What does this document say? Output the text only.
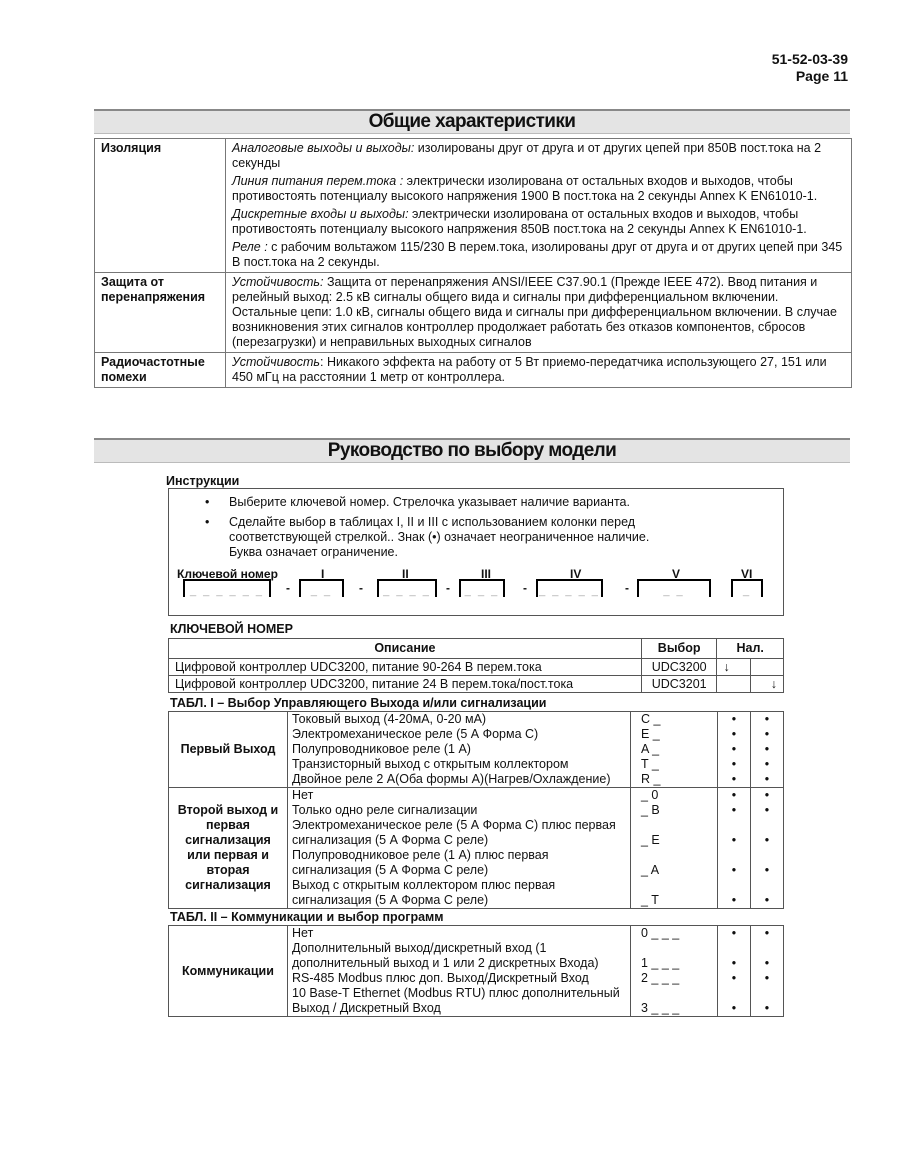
51-52-03-39
Page 11
Общие характеристики
Изоляция	Аналоговые выходы и выходы: изолированы друг от друга и от других цепей при 850В пост.тока на 2 секунды

Линия питания перем.тока : электрически изолирована от остальных входов и выходов, чтобы противостоять потенциалу высокого напряжения 1900 В пост.тока на 2 секунды Annex K EN61010-1.

Дискретные входы и выходы: электрически изолирована от остальных входов и выходов, чтобы противостоять потенциалу высокого напряжения 850В пост.тока на 2 секунды Annex K EN61010-1.

Реле : с рабочим вольтажом 115/230 В перем.тока, изолированы друг от друга и от других цепей при 345 В пост.тока на 2 секунды.

Защита от перенапряжения	Устойчивость: Защита от перенапряжения ANSI/IEEE C37.90.1 (Прежде IEEE 472). Ввод питания и релейный выход: 2.5 кВ сигналы общего вида и сигналы при дифференциальном включении. Остальные цепи: 1.0 кВ, сигналы общего вида и сигналы при дифференциальном включении. В случае возникновения этих сигналов контроллер продолжает работать без отказов компонентов, сбросов (перезагрузки) и неправильных выходных сигналов

Радиочастотные помехи	Устойчивость: Никакого эффекта на работу от 5 Вт приемо-передатчика использующего 27, 151 или 450 мГц на расстоянии 1 метр от контроллера.

Руководство по выбору модели
Инструкции
• Выберите ключевой номер. Стрелочка указывает наличие варианта.
• Сделайте выбор в таблицах I, II и III с использованием колонки перед соответствующей стрелкой.. Знак (•) означает неограниченное наличие. Буква означает ограничение.
Ключевой номер	I	II	III	IV	V	VI
_ _ _ _ _ _	-	_ _	-	_ _ _ _	-	_ _ _	- _ _ _ _ _ -	_ _	_
КЛЮЧЕВОЙ НОМЕР
Описание	Выбор	Нал.	
Цифровой контроллер UDC3200, питание 90-264 В перем.тока	UDC3200	↓	
Цифровой контроллер UDC3200, питание 24 В перем.тока/пост.тока	UDC3201		↓
ТАБЛ. I – Выбор Управляющего Выхода и/или сигнализации
Первый Выход	Токовый выход (4-20мА, 0-20 мА)	C _	•	•
	Электромеханическое реле (5 А Форма С)	E _	•	•
	Полупроводниковое реле (1 А)	A _	•	•
	Транзисторный выход с открытым коллектором	T _	•	•
	Двойное реле 2 А(Оба формы А)(Нагрев/Охлаждение)	R _	•	•
Второй выход и первая сигнализация или первая и вторая сигнализация	Нет	_ 0	•	•
	Только одно реле сигнализации	_ B	•	•
	Электромеханическое реле (5 А Форма С) плюс первая сигнализация (5 А Форма С реле)	_ E	•	•
	Полупроводниковое реле (1 А) плюс первая сигнализация (5 А Форма С реле)	_ A	•	•
	Выход с открытым коллектором плюс первая сигнализация (5 А Форма С реле)	_ T	•	•
ТАБЛ. II – Коммуникации и выбор программ
Коммуникации	Нет	0 _ _ _	•	•
	Дополнительный выход/дискретный вход (1 дополнительный выход и 1 или 2 дискретных Входа)	1 _ _ _	•	•
	RS-485 Modbus плюс доп. Выход/Дискретный Вход	2 _ _ _	•	•
	10 Base-T Ethernet (Modbus RTU) плюс дополнительный Выход / Дискретный Вход	3 _ _ _	•	•
